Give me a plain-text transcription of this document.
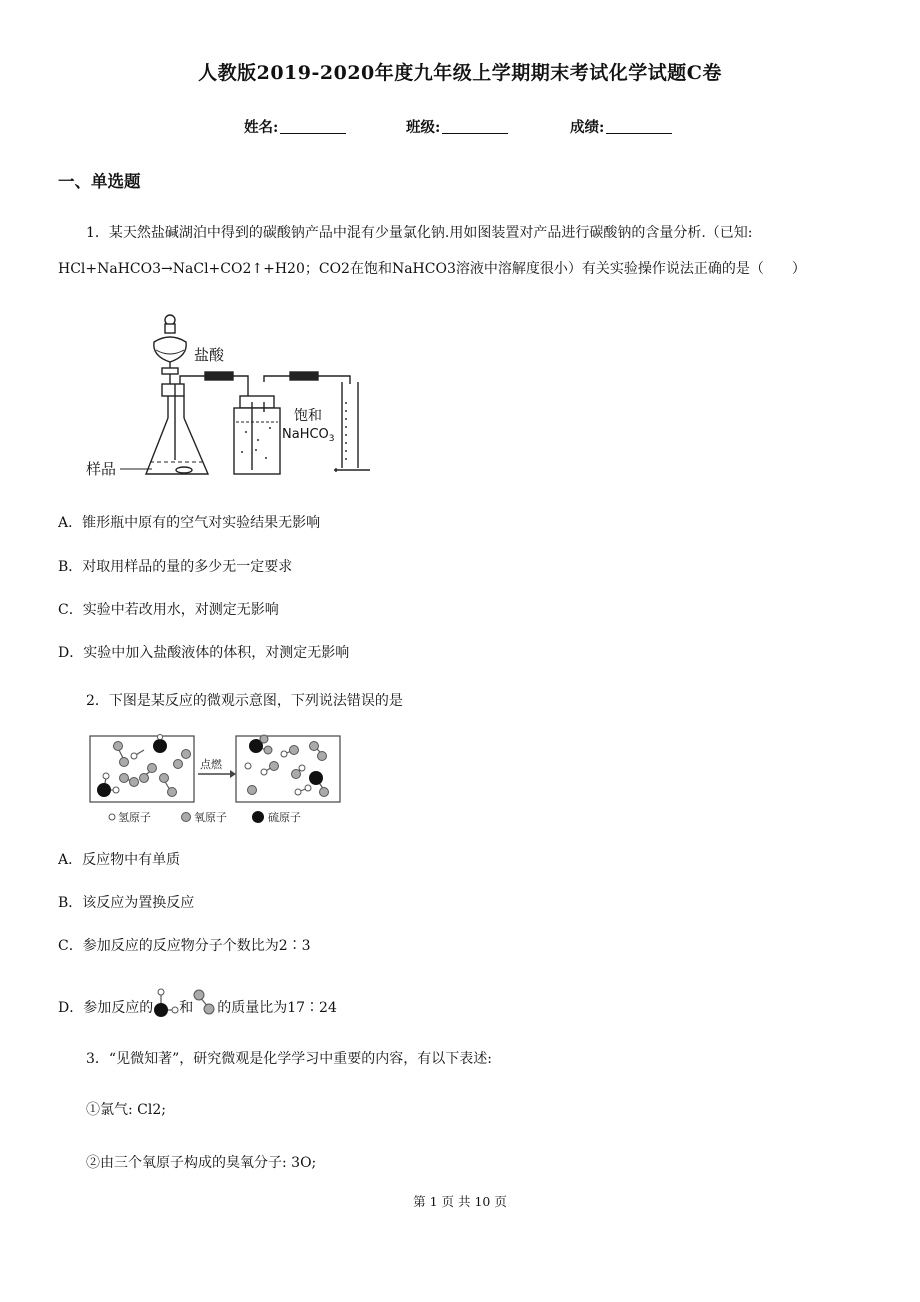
人教版2019-2020年度九年级上学期期末考试化学试题C卷
姓名:	班级:	成绩:
一、单选题
1．某天然盐碱湖泊中得到的碳酸钠产品中混有少量氯化钠.用如图装置对产品进行碳酸钠的含量分析.（已知:
HCl+NaHCO3→NaCl+CO2↑+H20；CO2在饱和NaHCO3溶液中溶解度很小）有关实验操作说法正确的是（　　）
盐酸
饱和
NaHCO$_3$
样品
A．锥形瓶中原有的空气对实验结果无影响
B．对取用样品的量的多少无一定要求
C．实验中若改用水，对测定无影响
D．实验中加入盐酸液体的体积，对测定无影响
2．下图是某反应的微观示意图，下列说法错误的是
点燃
氢原子	氧原子	硫原子
A．反应物中有单质
B．该反应为置换反应
C．参加反应的反应物分子个数比为2∶3
D．参加反应的 和 的质量比为17∶24
3．“见微知著”，研究微观是化学学习中重要的内容，有以下表述:
①氯气: Cl2;
②由三个氧原子构成的臭氧分子: 3O;
第 1 页 共 10 页
